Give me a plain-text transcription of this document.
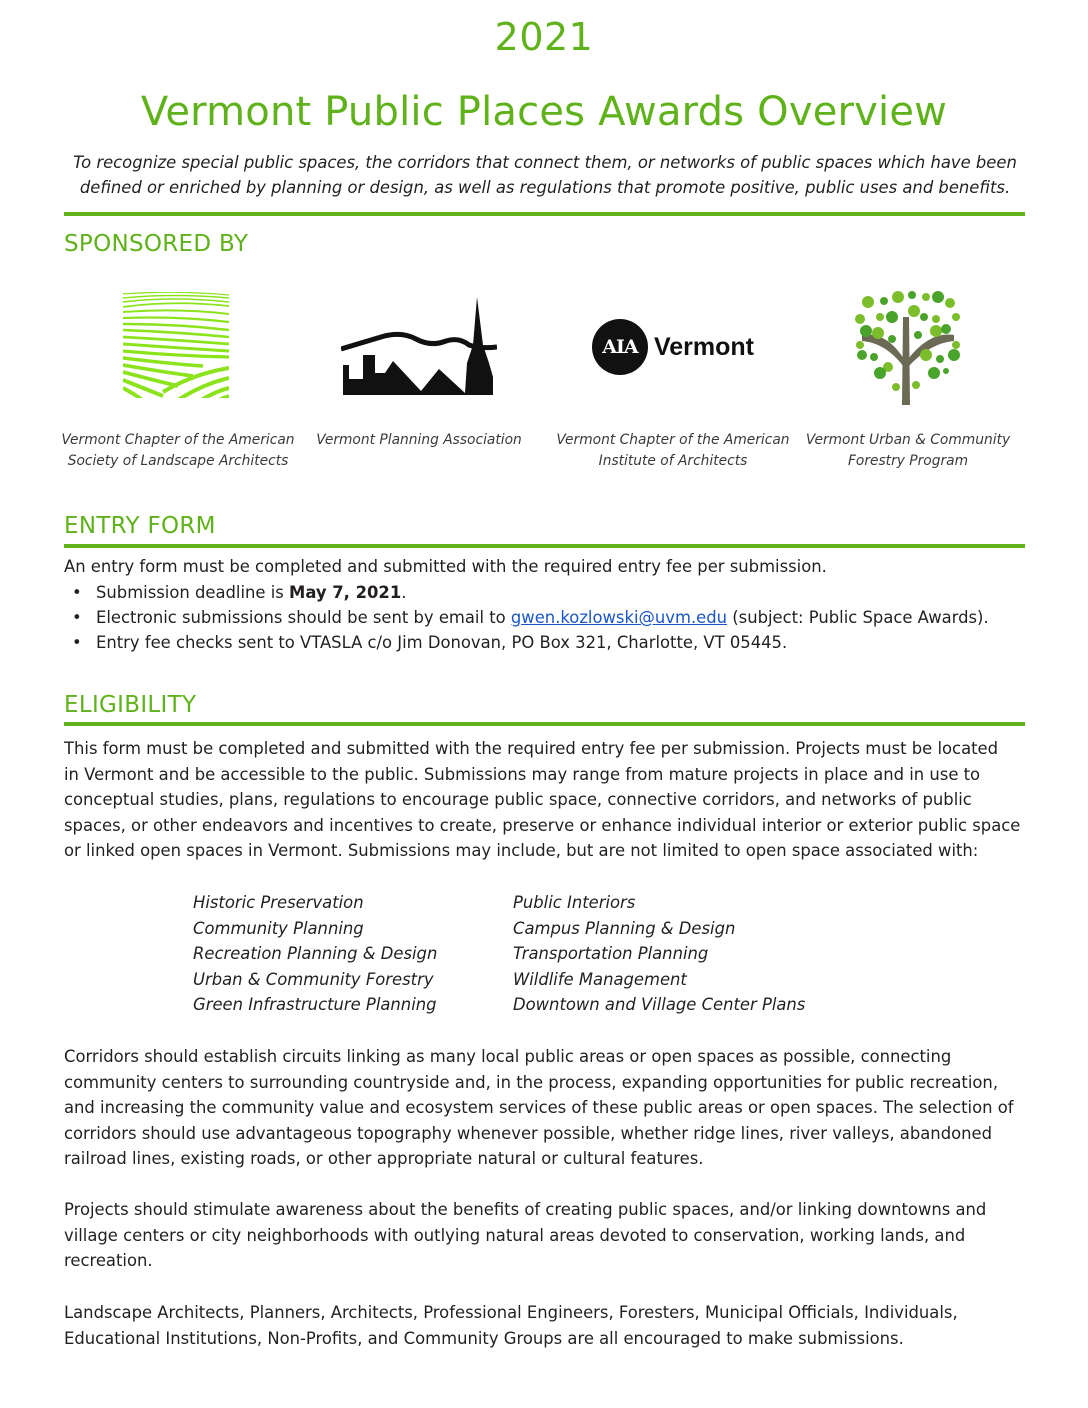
2021
Vermont Public Places Awards Overview
To recognize special public spaces, the corridors that connect them, or networks of public spaces which have been
defined or enriched by planning or design, as well as regulations that promote positive, public uses and benefits.
SPONSORED BY
Vermont Chapter of the American
Society of Landscape Architects
Vermont Planning Association
AIA Vermont
Vermont Chapter of the American
Institute of Architects
Vermont Urban & Community
Forestry Program
ENTRY FORM
An entry form must be completed and submitted with the required entry fee per submission.
• Submission deadline is May 7, 2021.
• Electronic submissions should be sent by email to gwen.kozlowski@uvm.edu (subject: Public Space Awards).
• Entry fee checks sent to VTASLA c/o Jim Donovan, PO Box 321, Charlotte, VT 05445.
ELIGIBILITY
This form must be completed and submitted with the required entry fee per submission. Projects must be located
in Vermont and be accessible to the public. Submissions may range from mature projects in place and in use to
conceptual studies, plans, regulations to encourage public space, connective corridors, and networks of public
spaces, or other endeavors and incentives to create, preserve or enhance individual interior or exterior public space
or linked open spaces in Vermont. Submissions may include, but are not limited to open space associated with:
Historic Preservation
Community Planning
Recreation Planning & Design
Urban & Community Forestry
Green Infrastructure Planning
Public Interiors
Campus Planning & Design
Transportation Planning
Wildlife Management
Downtown and Village Center Plans
Corridors should establish circuits linking as many local public areas or open spaces as possible, connecting
community centers to surrounding countryside and, in the process, expanding opportunities for public recreation,
and increasing the community value and ecosystem services of these public areas or open spaces. The selection of
corridors should use advantageous topography whenever possible, whether ridge lines, river valleys, abandoned
railroad lines, existing roads, or other appropriate natural or cultural features.
Projects should stimulate awareness about the benefits of creating public spaces, and/or linking downtowns and
village centers or city neighborhoods with outlying natural areas devoted to conservation, working lands, and
recreation.
Landscape Architects, Planners, Architects, Professional Engineers, Foresters, Municipal Officials, Individuals,
Educational Institutions, Non-Profits, and Community Groups are all encouraged to make submissions.
